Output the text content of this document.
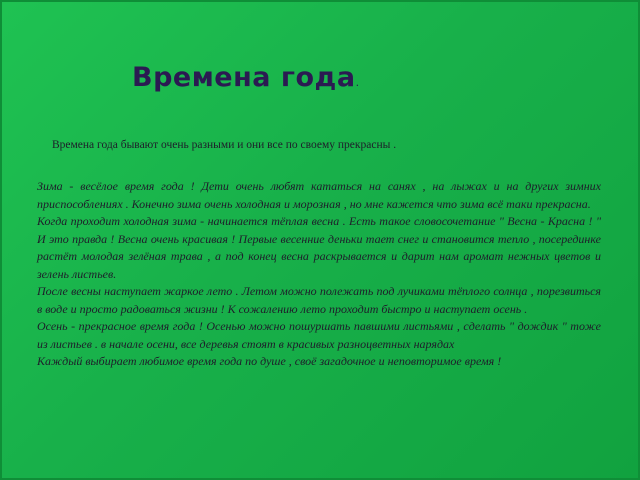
Времена года.
Времена года бывают очень разными и они все по своему прекрасны .

Зима - весёлое время года ! Дети очень любят кататься на санях , на лыжах и на других зимних приспособлениях . Конечно зима очень холодная и морозная , но мне кажется что зима всё таки прекрасна.

Когда проходит холодная зима - начинается тёплая весна . Есть такое словосочетание " Весна - Красна ! " И это правда ! Весна очень красивая ! Первые весенние деньки тает снег и становится тепло , посерединке растёт молодая зелёная трава , а под конец весна раскрывается и дарит нам аромат нежных цветов и зелень листьев.

После весны наступает жаркое лето . Летом можно полежать под лучиками тёплого солнца , порезвиться в воде и просто радоваться жизни ! К сожалению лето проходит быстро и наступает осень .

Осень - прекрасное время года ! Осенью можно пошуршать павшими листьями , сделать " дождик " тоже из листьев . в начале осени, все деревья стоят в красивых разноцветных нарядах

Каждый выбирает любимое время года по душе , своё загадочное и неповторимое время !
